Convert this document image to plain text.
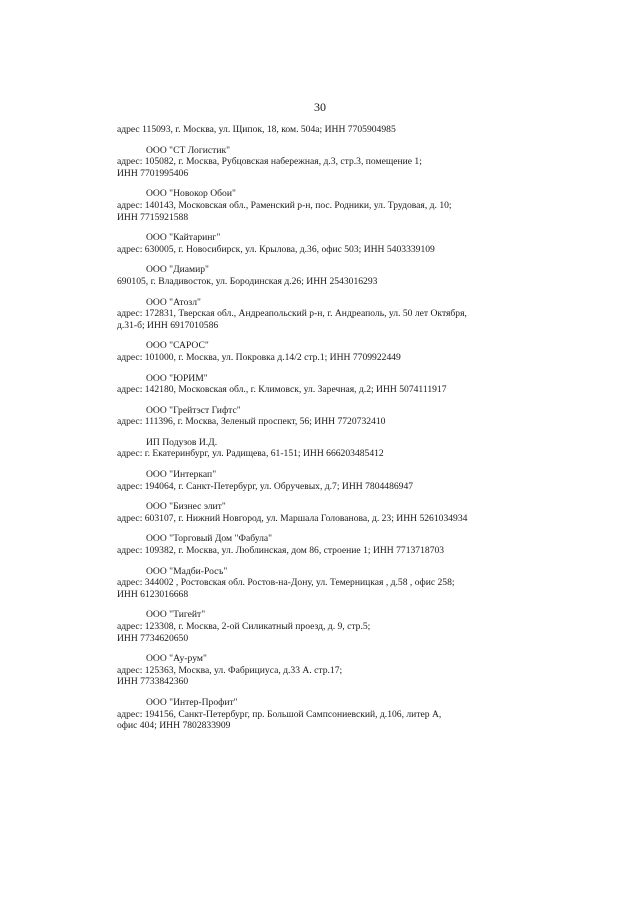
30
адрес 115093, г. Москва, ул. Щипок, 18, ком. 504а; ИНН 7705904985
ООО "СТ Логистик"
адрес: 105082, г. Москва, Рубцовская набережная, д.3, стр.3, помещение 1;
ИНН 7701995406
ООО "Новокор Обои"
адрес: 140143, Московская обл., Раменский р-н, пос. Родники, ул. Трудовая, д. 10;
ИНН 7715921588
ООО "Кайтаринг"
адрес: 630005, г. Новосибирск, ул. Крылова, д.36, офис 503; ИНН 5403339109
ООО "Диамир"
690105, г. Владивосток, ул. Бородинская д.26; ИНН 2543016293
ООО "Атозл"
адрес: 172831, Тверская обл., Андреапольский р-н, г. Андреаполь, ул. 50 лет Октября,
д.31-б; ИНН 6917010586
ООО "САРОС"
адрес: 101000, г. Москва, ул. Покровка д.14/2 стр.1; ИНН 7709922449
ООО "ЮРИМ"
адрес: 142180, Московская обл., г. Климовск, ул. Заречная, д.2; ИНН 5074111917
ООО "Грейтэст Гифтс"
адрес: 111396, г. Москва, Зеленый проспект, 56; ИНН 7720732410
ИП Подузов И.Д.
адрес: г. Екатеринбург, ул. Радищева, 61-151; ИНН 666203485412
ООО "Интеркап"
адрес: 194064, г. Санкт-Петербург, ул. Обручевых, д.7; ИНН 7804486947
ООО "Бизнес элит"
адрес: 603107, г. Нижний Новгород, ул. Маршала Голованова, д. 23; ИНН 5261034934
ООО "Торговый Дом "Фабула"
адрес: 109382, г. Москва, ул. Люблинская, дом 86, строение 1; ИНН 7713718703
ООО "Мадби-Росъ"
адрес: 344002 , Ростовская обл. Ростов-на-Дону, ул. Темерницкая , д.58 , офис 258;
ИНН 6123016668
ООО "Тигейт"
адрес: 123308, г. Москва, 2-ой Силикатный проезд, д. 9, стр.5;
ИНН 7734620650
ООО "Ау-рум"
адрес: 125363, Москва, ул. Фабрициуса, д.33 А. стр.17;
ИНН 7733842360
ООО "Интер-Профит"
адрес: 194156, Санкт-Петербург, пр. Большой Сампсониевский, д.106, литер А,
офис 404; ИНН 7802833909
